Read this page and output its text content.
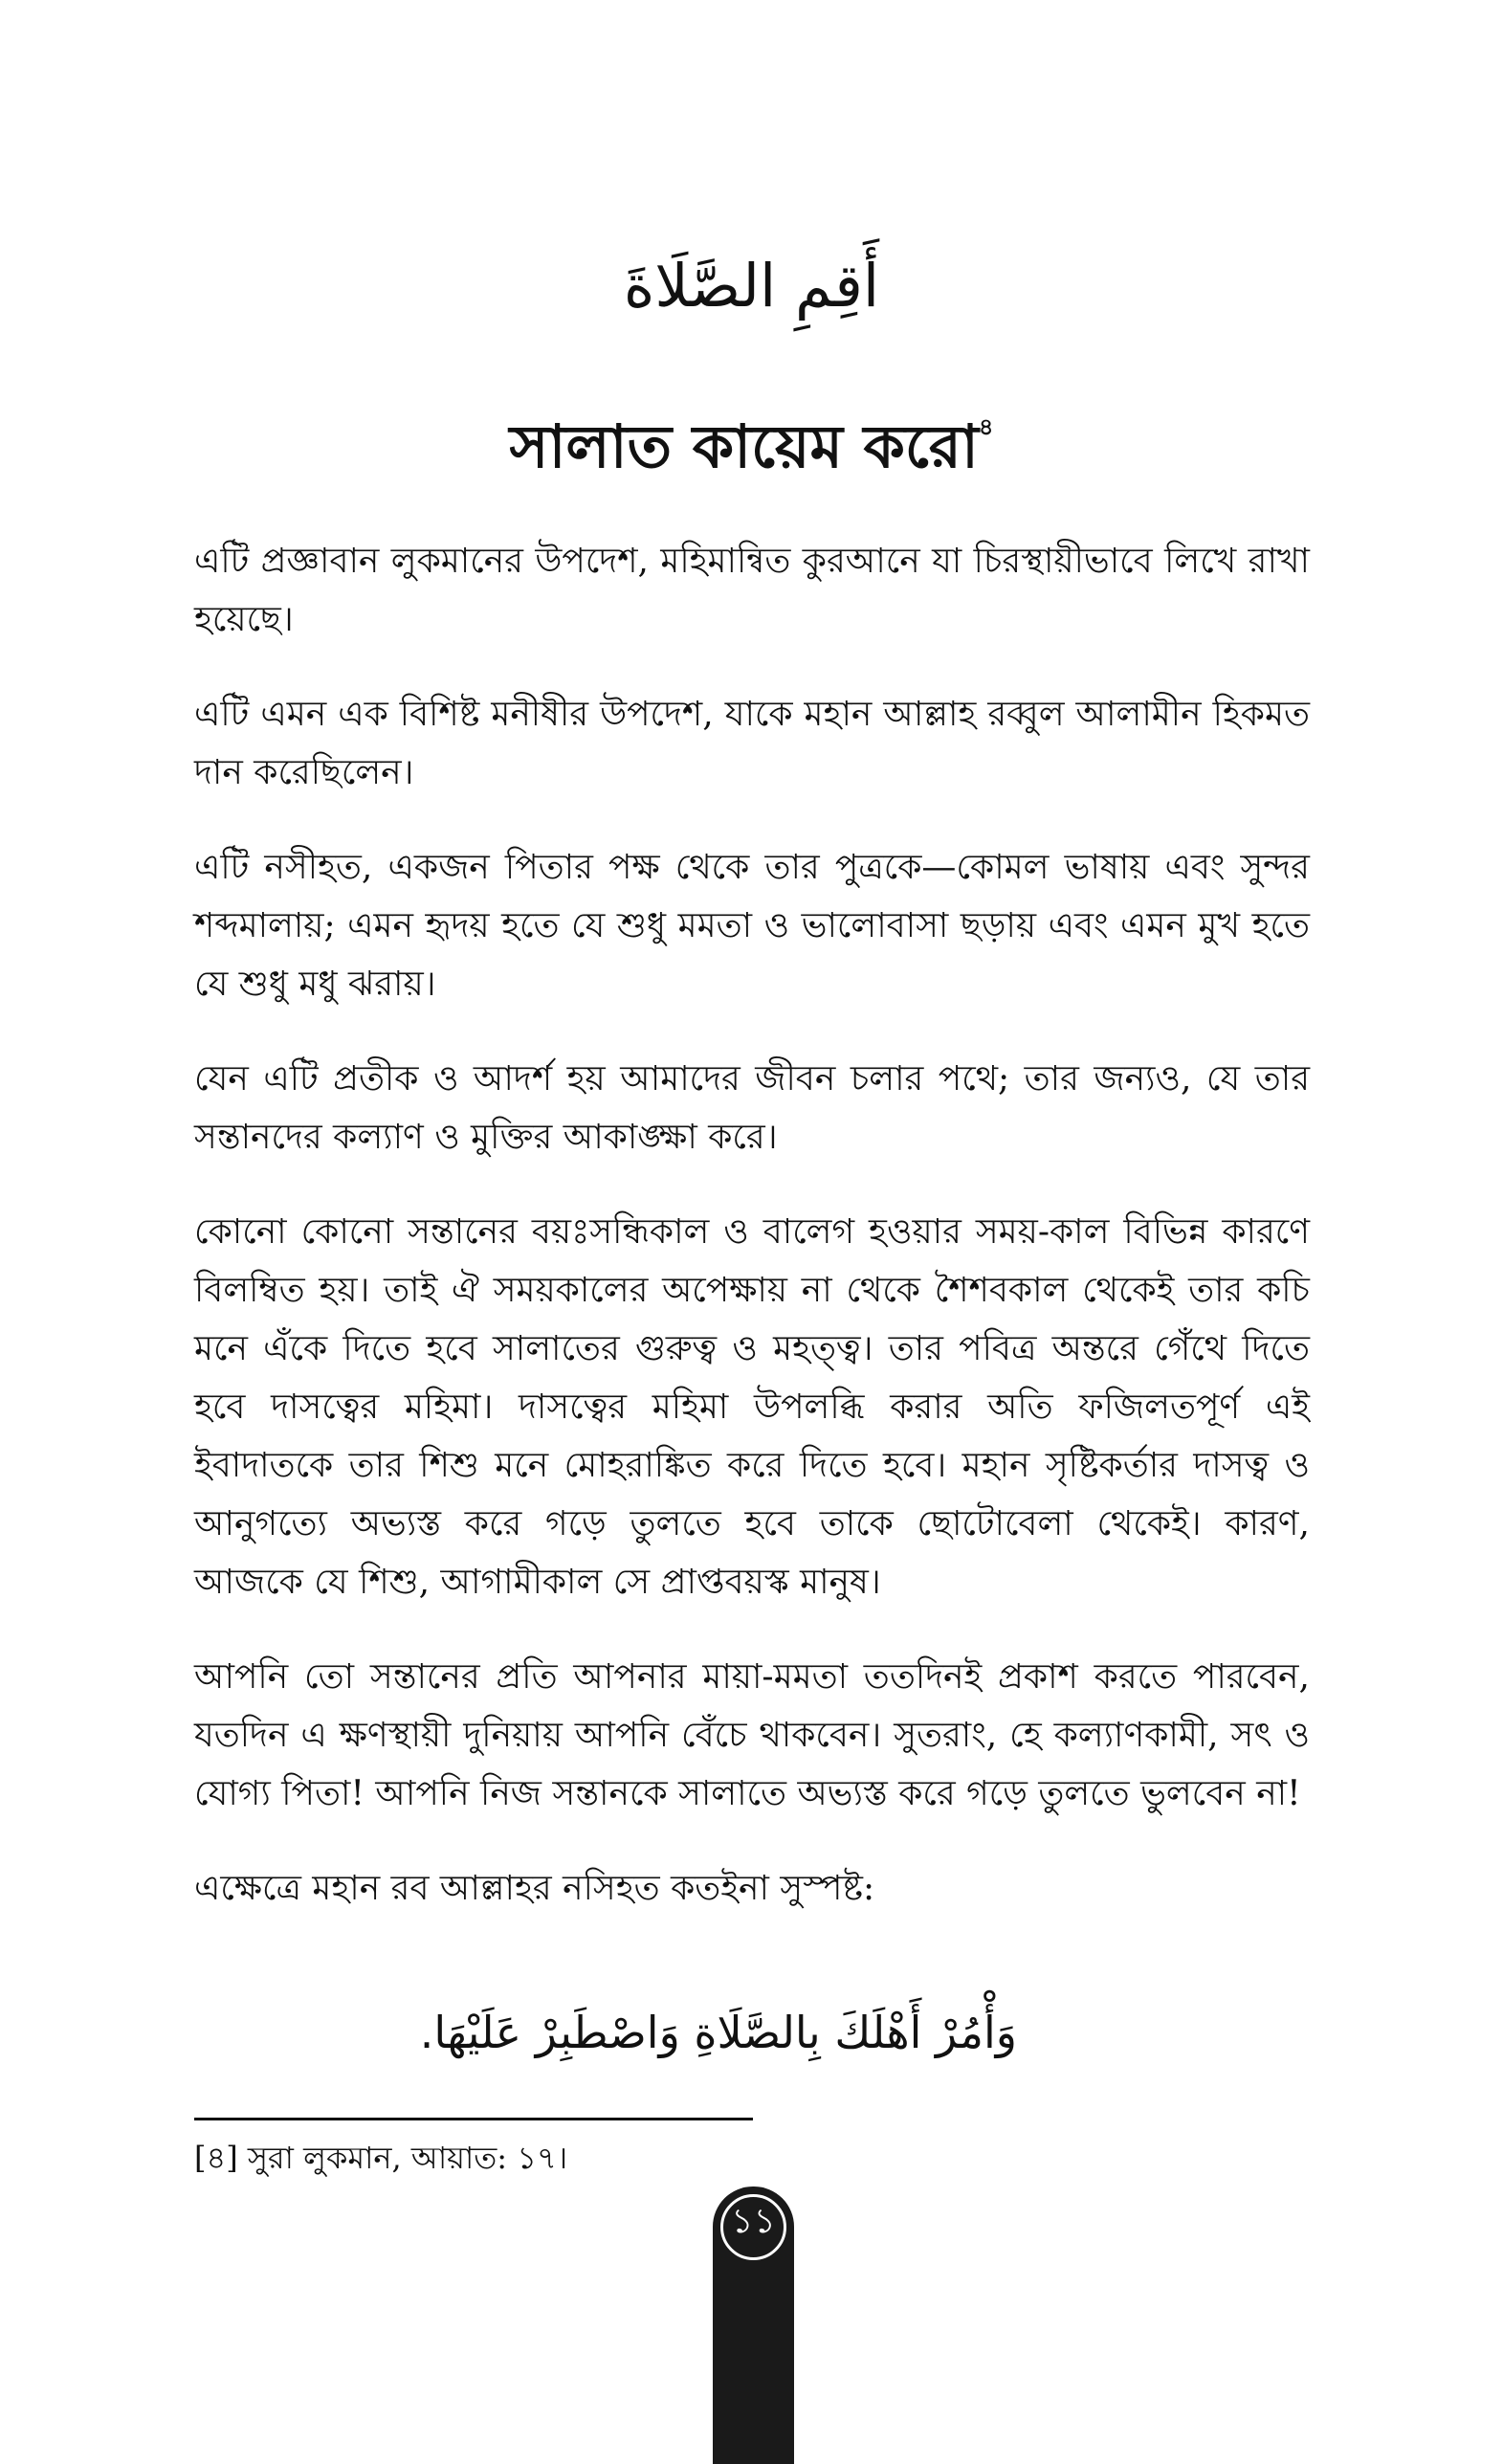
أَقِمِ الصَّلَاةَ
সালাত কায়েম করো$^৪$

এটি প্রজ্ঞাবান লুকমানের উপদেশ, মহিমান্বিত কুরআনে যা চিরস্থায়ীভাবে লিখে রাখা হয়েছে।

এটি এমন এক বিশিষ্ট মনীষীর উপদেশ, যাকে মহান আল্লাহ রব্বুল আলামীন হিকমত দান করেছিলেন।

এটি নসীহত, একজন পিতার পক্ষ থেকে তার পুত্রকে—কোমল ভাষায় এবং সুন্দর শব্দমালায়; এমন হৃদয় হতে যে শুধু মমতা ও ভালোবাসা ছড়ায় এবং এমন মুখ হতে যে শুধু মধু ঝরায়।

যেন এটি প্রতীক ও আদর্শ হয় আমাদের জীবন চলার পথে; তার জন্যও, যে তার সন্তানদের কল্যাণ ও মুক্তির আকাঙ্ক্ষা করে।

কোনো কোনো সন্তানের বয়ঃসন্ধিকাল ও বালেগ হওয়ার সময়-কাল বিভিন্ন কারণে বিলম্বিত হয়। তাই ঐ সময়কালের অপেক্ষায় না থেকে শৈশবকাল থেকেই তার কচি মনে এঁকে দিতে হবে সালাতের গুরুত্ব ও মহত্ত্ব। তার পবিত্র অন্তরে গেঁথে দিতে হবে দাসত্বের মহিমা। দাসত্বের মহিমা উপলব্ধি করার অতি ফজিলতপূর্ণ এই ইবাদাতকে তার শিশু মনে মোহরাঙ্কিত করে দিতে হবে। মহান সৃষ্টিকর্তার দাসত্ব ও আনুগত্যে অভ্যস্ত করে গড়ে তুলতে হবে তাকে ছোটোবেলা থেকেই। কারণ, আজকে যে শিশু, আগামীকাল সে প্রাপ্তবয়স্ক মানুষ।

আপনি তো সন্তানের প্রতি আপনার মায়া-মমতা ততদিনই প্রকাশ করতে পারবেন, যতদিন এ ক্ষণস্থায়ী দুনিয়ায় আপনি বেঁচে থাকবেন। সুতরাং, হে কল্যাণকামী, সৎ ও যোগ্য পিতা! আপনি নিজ সন্তানকে সালাতে অভ্যস্ত করে গড়ে তুলতে ভুলবেন না!

এক্ষেত্রে মহান রব আল্লাহর নসিহত কতইনা সুস্পষ্ট:

وَأْمُرْ أَهْلَكَ بِالصَّلَاةِ وَاصْطَبِرْ عَلَيْهَا.
[৪] সুরা লুকমান, আয়াত: ১৭।
১১
